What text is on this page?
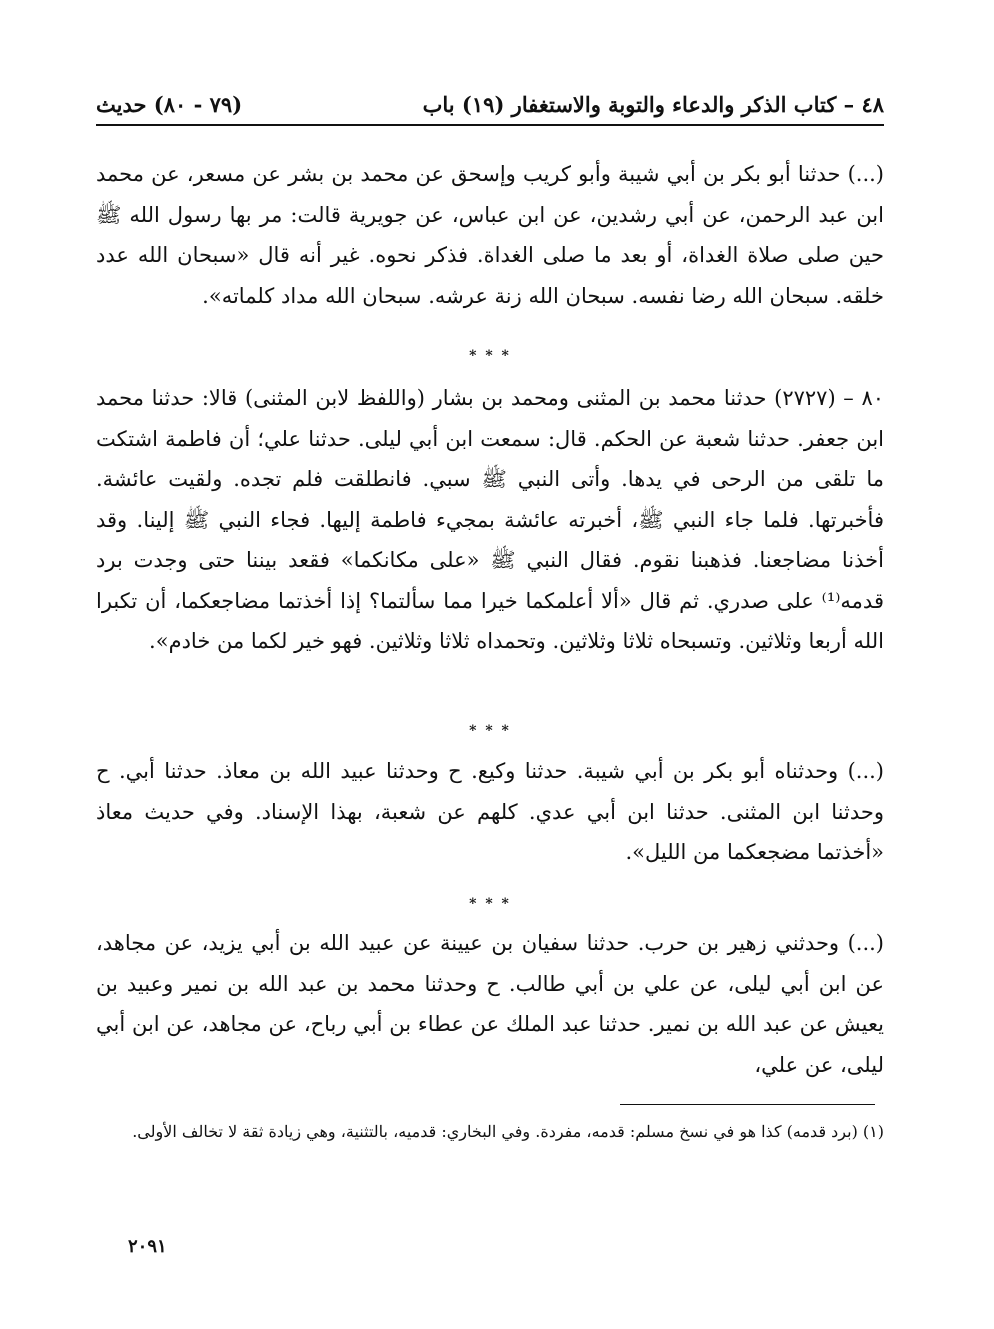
٤٨ – كتاب الذكر والدعاء والتوبة والاستغفار (١٩) باب
(٧٩ - ٨٠) حديث
(...) حدثنا أبو بكر بن أبي شيبة وأبو كريب وإسحق عن محمد بن بشر عن مسعر، عن محمد ابن عبد الرحمن، عن أبي رشدين، عن ابن عباس، عن جويرية قالت: مر بها رسول الله ﷺ حين صلى صلاة الغداة، أو بعد ما صلى الغداة. فذكر نحوه. غير أنه قال «سبحان الله عدد خلقه. سبحان الله رضا نفسه. سبحان الله زنة عرشه. سبحان الله مداد كلماته».
* * *
٨٠ – (٢٧٢٧) حدثنا محمد بن المثنى ومحمد بن بشار (واللفظ لابن المثنى) قالا: حدثنا محمد ابن جعفر. حدثنا شعبة عن الحكم. قال: سمعت ابن أبي ليلى. حدثنا علي؛ أن فاطمة اشتكت ما تلقى من الرحى في يدها. وأتى النبي ﷺ سبي. فانطلقت فلم تجده. ولقيت عائشة. فأخبرتها. فلما جاء النبي ﷺ، أخبرته عائشة بمجيء فاطمة إليها. فجاء النبي ﷺ إلينا. وقد أخذنا مضاجعنا. فذهبنا نقوم. فقال النبي ﷺ «على مكانكما» فقعد بيننا حتى وجدت برد قدمه⁽¹⁾ على صدري. ثم قال «ألا أعلمكما خيرا مما سألتما؟ إذا أخذتما مضاجعكما، أن تكبرا الله أربعا وثلاثين. وتسبحاه ثلاثا وثلاثين. وتحمداه ثلاثا وثلاثين. فهو خير لكما من خادم».
* * *
(...) وحدثناه أبو بكر بن أبي شيبة. حدثنا وكيع. ح وحدثنا عبيد الله بن معاذ. حدثنا أبي. ح وحدثنا ابن المثنى. حدثنا ابن أبي عدي. كلهم عن شعبة، بهذا الإسناد. وفي حديث معاذ «أخذتما مضجعكما من الليل».
* * *
(...) وحدثني زهير بن حرب. حدثنا سفيان بن عيينة عن عبيد الله بن أبي يزيد، عن مجاهد، عن ابن أبي ليلى، عن علي بن أبي طالب. ح وحدثنا محمد بن عبد الله بن نمير وعبيد بن يعيش عن عبد الله بن نمير. حدثنا عبد الملك عن عطاء بن أبي رباح، عن مجاهد، عن ابن أبي ليلى، عن علي،
(١) (برد قدمه) كذا هو في نسخ مسلم: قدمه، مفردة. وفي البخاري: قدميه، بالتثنية، وهي زيادة ثقة لا تخالف الأولى.
٢٠٩١
